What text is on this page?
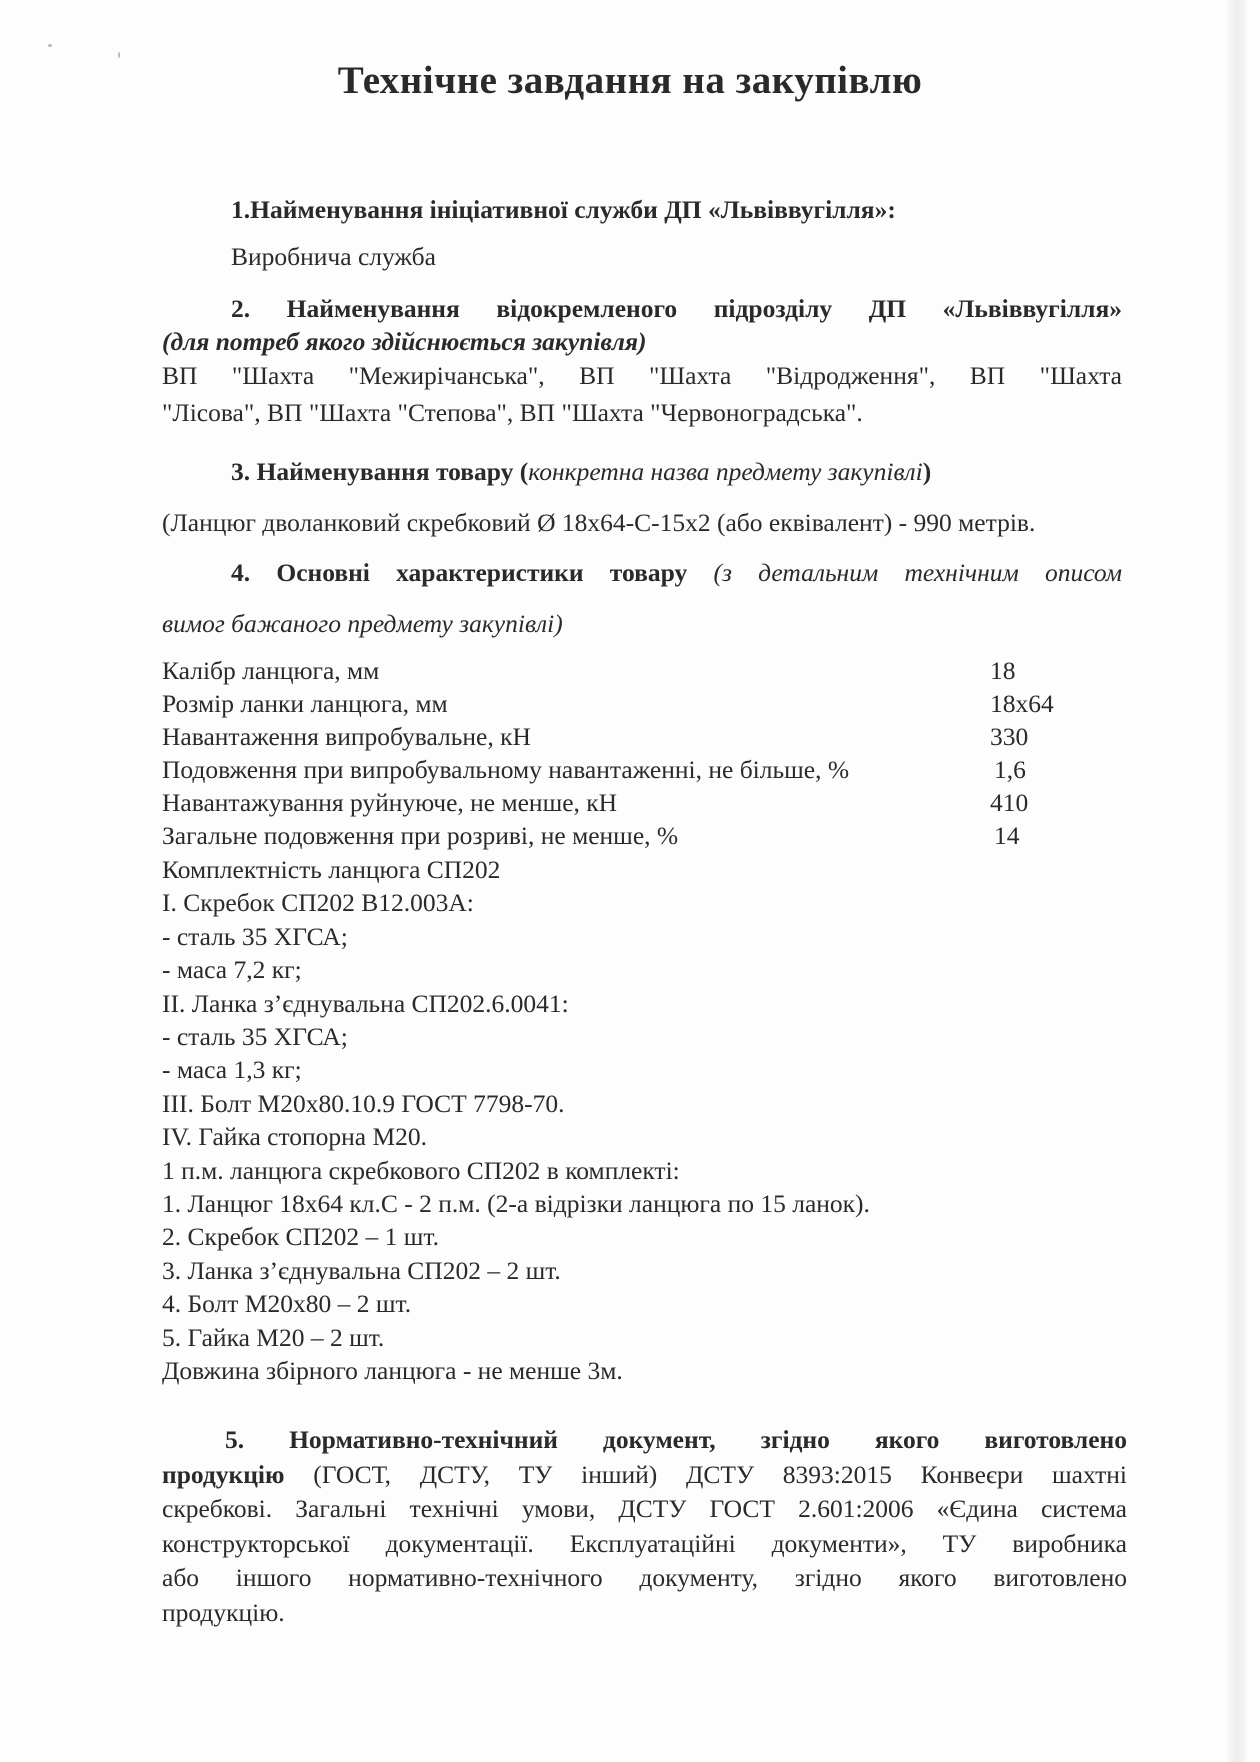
Технічне завдання на закупівлю
1.Найменування ініціативної служби ДП «Львіввугілля»:
Виробнича служба
2. Найменування відокремленого підрозділу ДП «Львіввугілля»
(для потреб якого здійснюється закупівля)
ВП "Шахта "Межирічанська", ВП "Шахта "Відродження", ВП "Шахта
"Лісова", ВП "Шахта "Степова", ВП "Шахта "Червоноградська".
3. Найменування товару (конкретна назва предмету закупівлі)
(Ланцюг дволанковий скребковий Ø 18х64-С-15х2 (або еквівалент) - 990 метрів.
4. Основні характеристики товару (з детальним технічним описом
вимог бажаного предмету закупівлі)
Калібр ланцюга, мм	18
Розмір ланки ланцюга, мм	18х64
Навантаження випробувальне, кН	330
Подовження при випробувальному навантаженні, не більше, %	1,6
Навантажування руйнуюче, не менше, кН	410
Загальне подовження при розриві, не менше, %	14
Комплектність ланцюга СП202
І. Скребок СП202 В12.003А:
- сталь 35 ХГСА;
- маса 7,2 кг;
ІІ. Ланка з’єднувальна СП202.6.0041:
- сталь 35 ХГСА;
- маса 1,3 кг;
ІІІ. Болт М20х80.10.9 ГОСТ 7798-70.
IV. Гайка стопорна М20.
1 п.м. ланцюга скребкового СП202 в комплекті:
1. Ланцюг 18х64 кл.С - 2 п.м. (2-а відрізки ланцюга по 15 ланок).
2. Скребок СП202 – 1 шт.
3. Ланка з’єднувальна СП202 – 2 шт.
4. Болт М20х80 – 2 шт.
5. Гайка М20 – 2 шт.
Довжина збірного ланцюга - не менше 3м.
5. Нормативно-технічний документ, згідно якого виготовлено
продукцію (ГОСТ, ДСТУ, ТУ інший) ДСТУ 8393:2015 Конвеєри шахтні
скребкові. Загальні технічні умови, ДСТУ ГОСТ 2.601:2006 «Єдина система
конструкторської документації. Експлуатаційні документи», ТУ виробника
або іншого нормативно-технічного документу, згідно якого виготовлено
продукцію.
